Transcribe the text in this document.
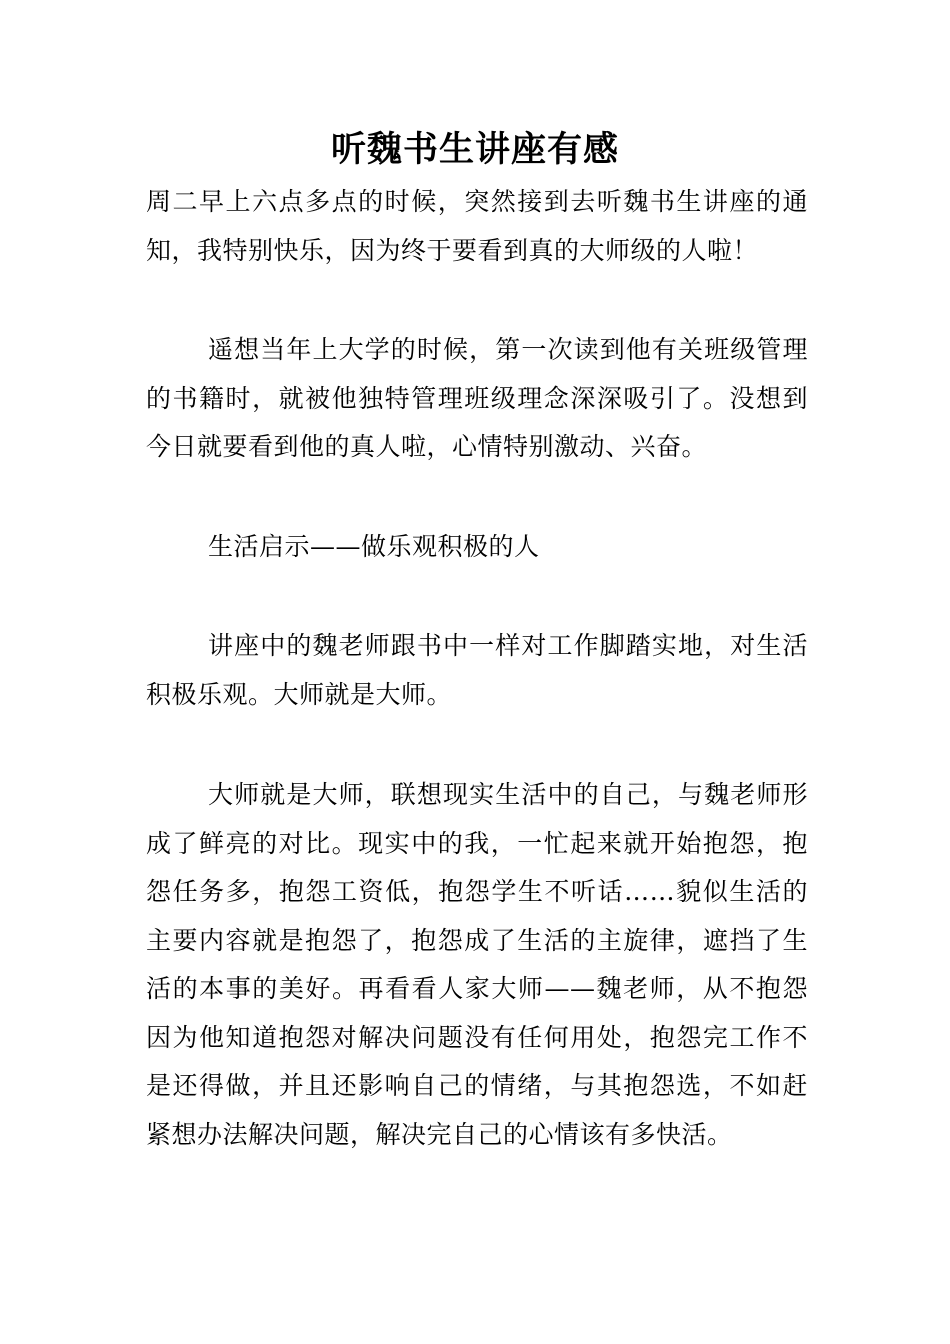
听魏书生讲座有感

周二早上六点多点的时候，突然接到去听魏书生讲座的通知，我特别快乐，因为终于要看到真的大师级的人啦！

遥想当年上大学的时候，第一次读到他有关班级管理的书籍时，就被他独特管理班级理念深深吸引了。没想到今日就要看到他的真人啦，心情特别激动、兴奋。

生活启示——做乐观积极的人

讲座中的魏老师跟书中一样对工作脚踏实地，对生活积极乐观。大师就是大师。

大师就是大师，联想现实生活中的自己，与魏老师形成了鲜亮的对比。现实中的我，一忙起来就开始抱怨，抱怨任务多，抱怨工资低，抱怨学生不听话……貌似生活的主要内容就是抱怨了，抱怨成了生活的主旋律，遮挡了生活的本事的美好。再看看人家大师——魏老师，从不抱怨因为他知道抱怨对解决问题没有任何用处，抱怨完工作不是还得做，并且还影响自己的情绪，与其抱怨选，不如赶紧想办法解决问题，解决完自己的心情该有多快活。
